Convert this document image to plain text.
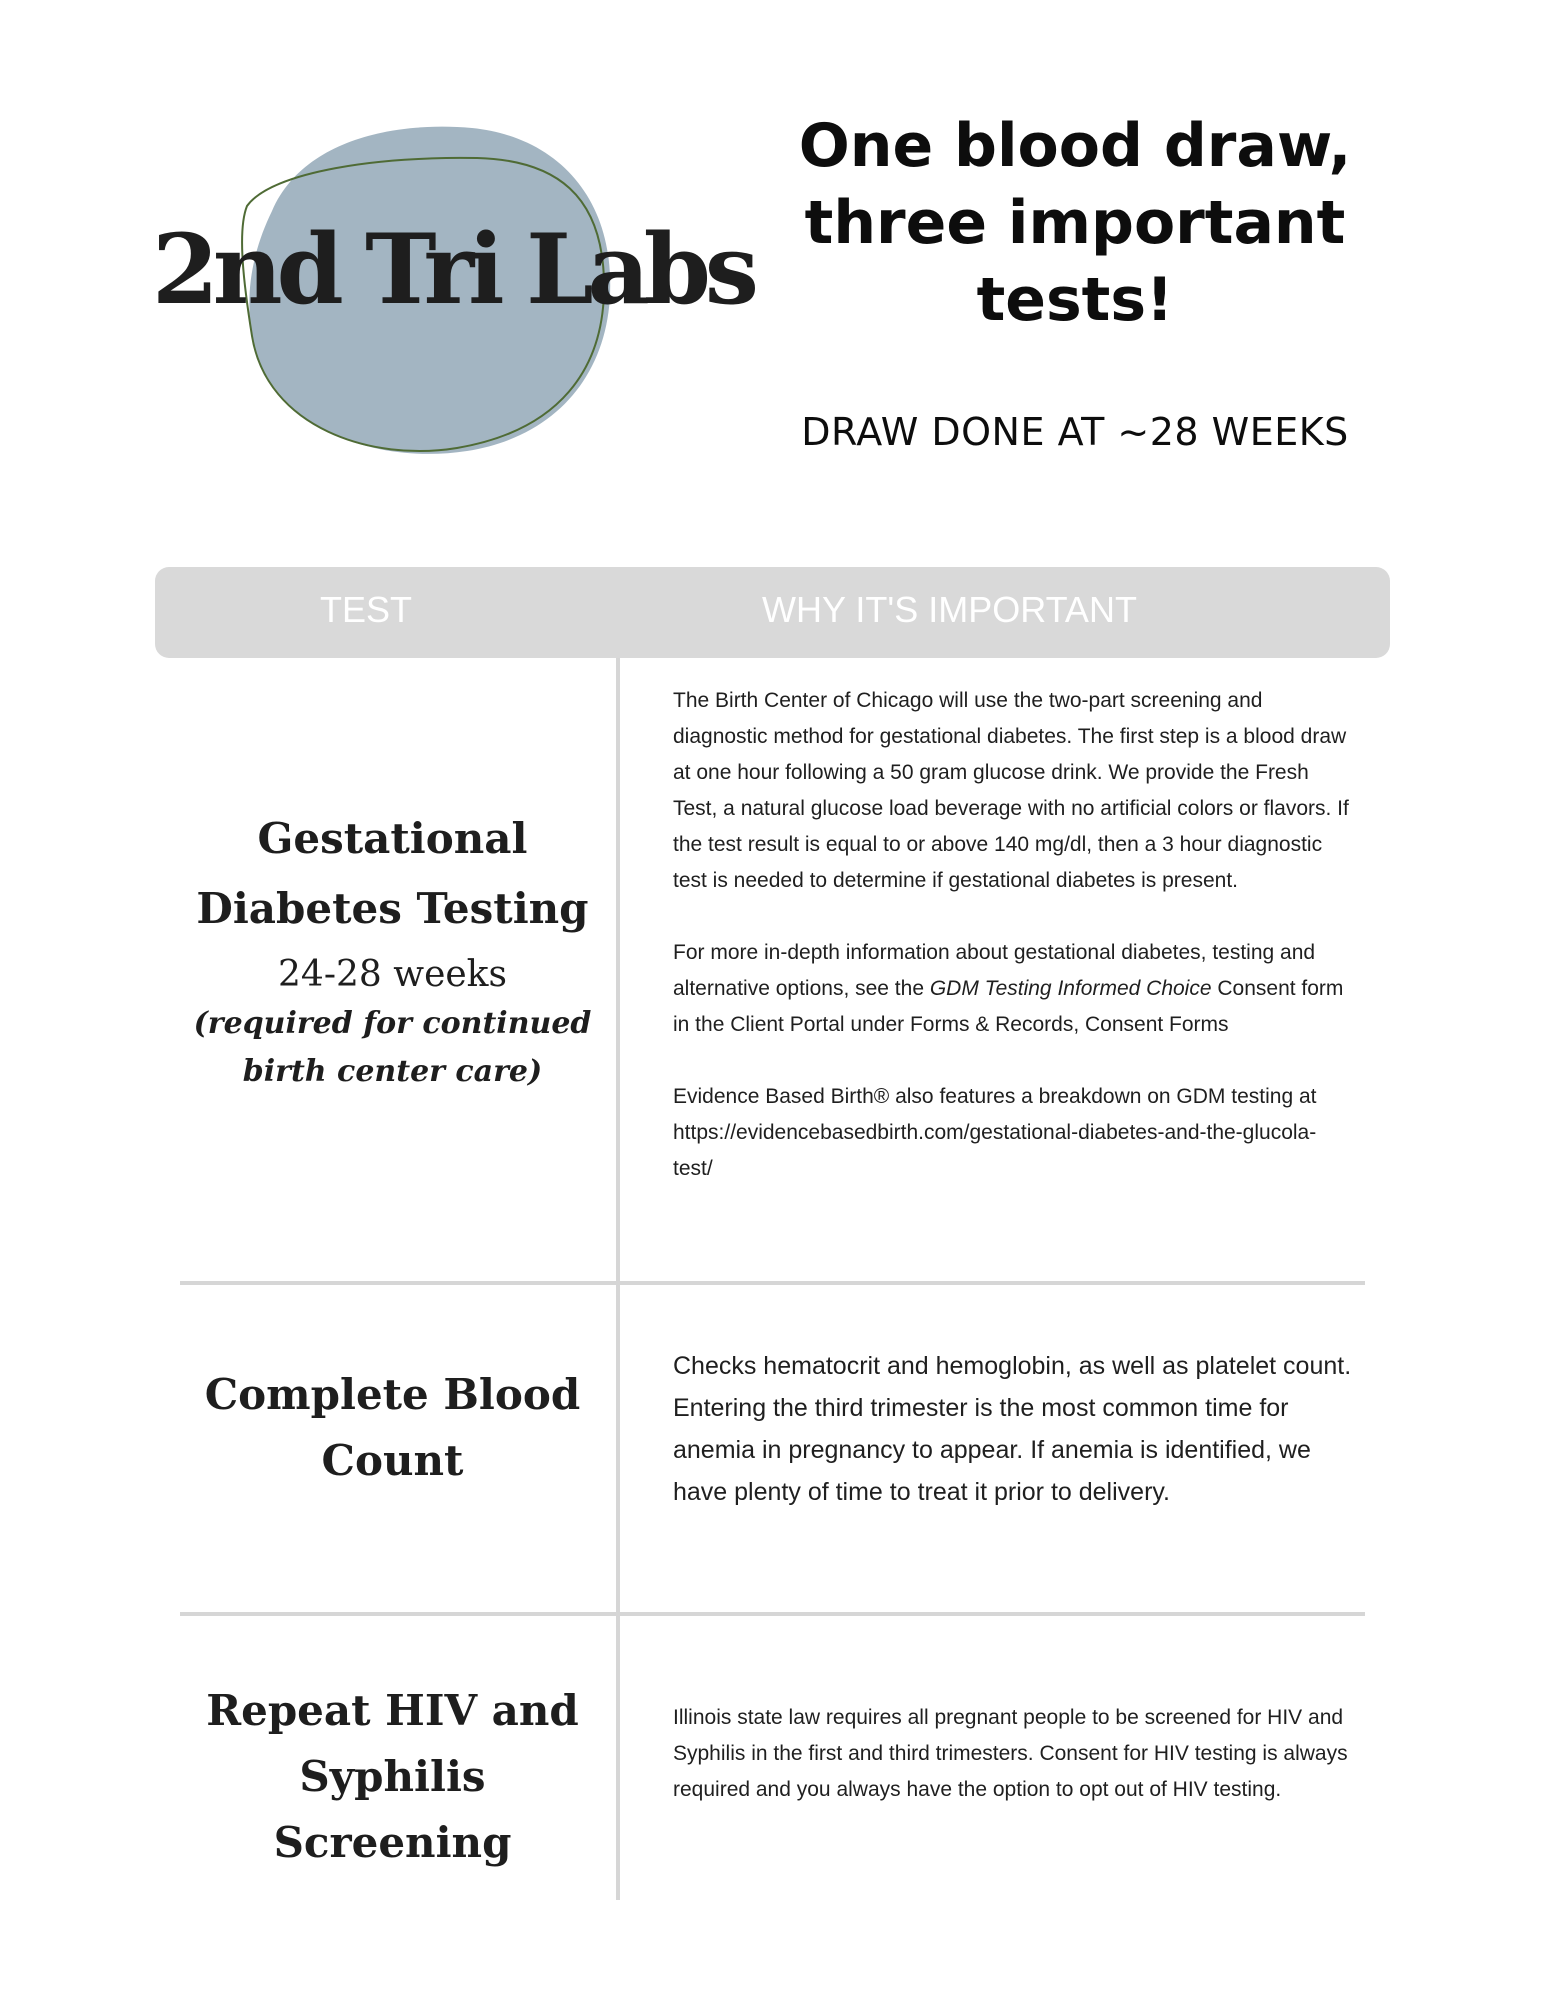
2nd Tri Labs
One blood draw,
three important
tests!
DRAW DONE AT ~28 WEEKS
TEST	WHY IT'S IMPORTANT
Gestational
Diabetes Testing
24-28 weeks
(required for continued
birth center care)

The Birth Center of Chicago will use the two-part screening and diagnostic method for gestational diabetes. The first step is a blood draw at one hour following a 50 gram glucose drink. We provide the Fresh Test, a natural glucose load beverage with no artificial colors or flavors. If the test result is equal to or above 140 mg/dl, then a 3 hour diagnostic test is needed to determine if gestational diabetes is present.

For more in-depth information about gestational diabetes, testing and alternative options, see the GDM Testing Informed Choice Consent form in the Client Portal under Forms & Records, Consent Forms

Evidence Based Birth® also features a breakdown on GDM testing at https://evidencebasedbirth.com/gestational-diabetes-and-the-glucola-test/

Complete Blood
Count

Checks hematocrit and hemoglobin, as well as platelet count. Entering the third trimester is the most common time for anemia in pregnancy to appear. If anemia is identified, we have plenty of time to treat it prior to delivery.

Repeat HIV and
Syphilis Screening

Illinois state law requires all pregnant people to be screened for HIV and Syphilis in the first and third trimesters. Consent for HIV testing is always required and you always have the option to opt out of HIV testing.
